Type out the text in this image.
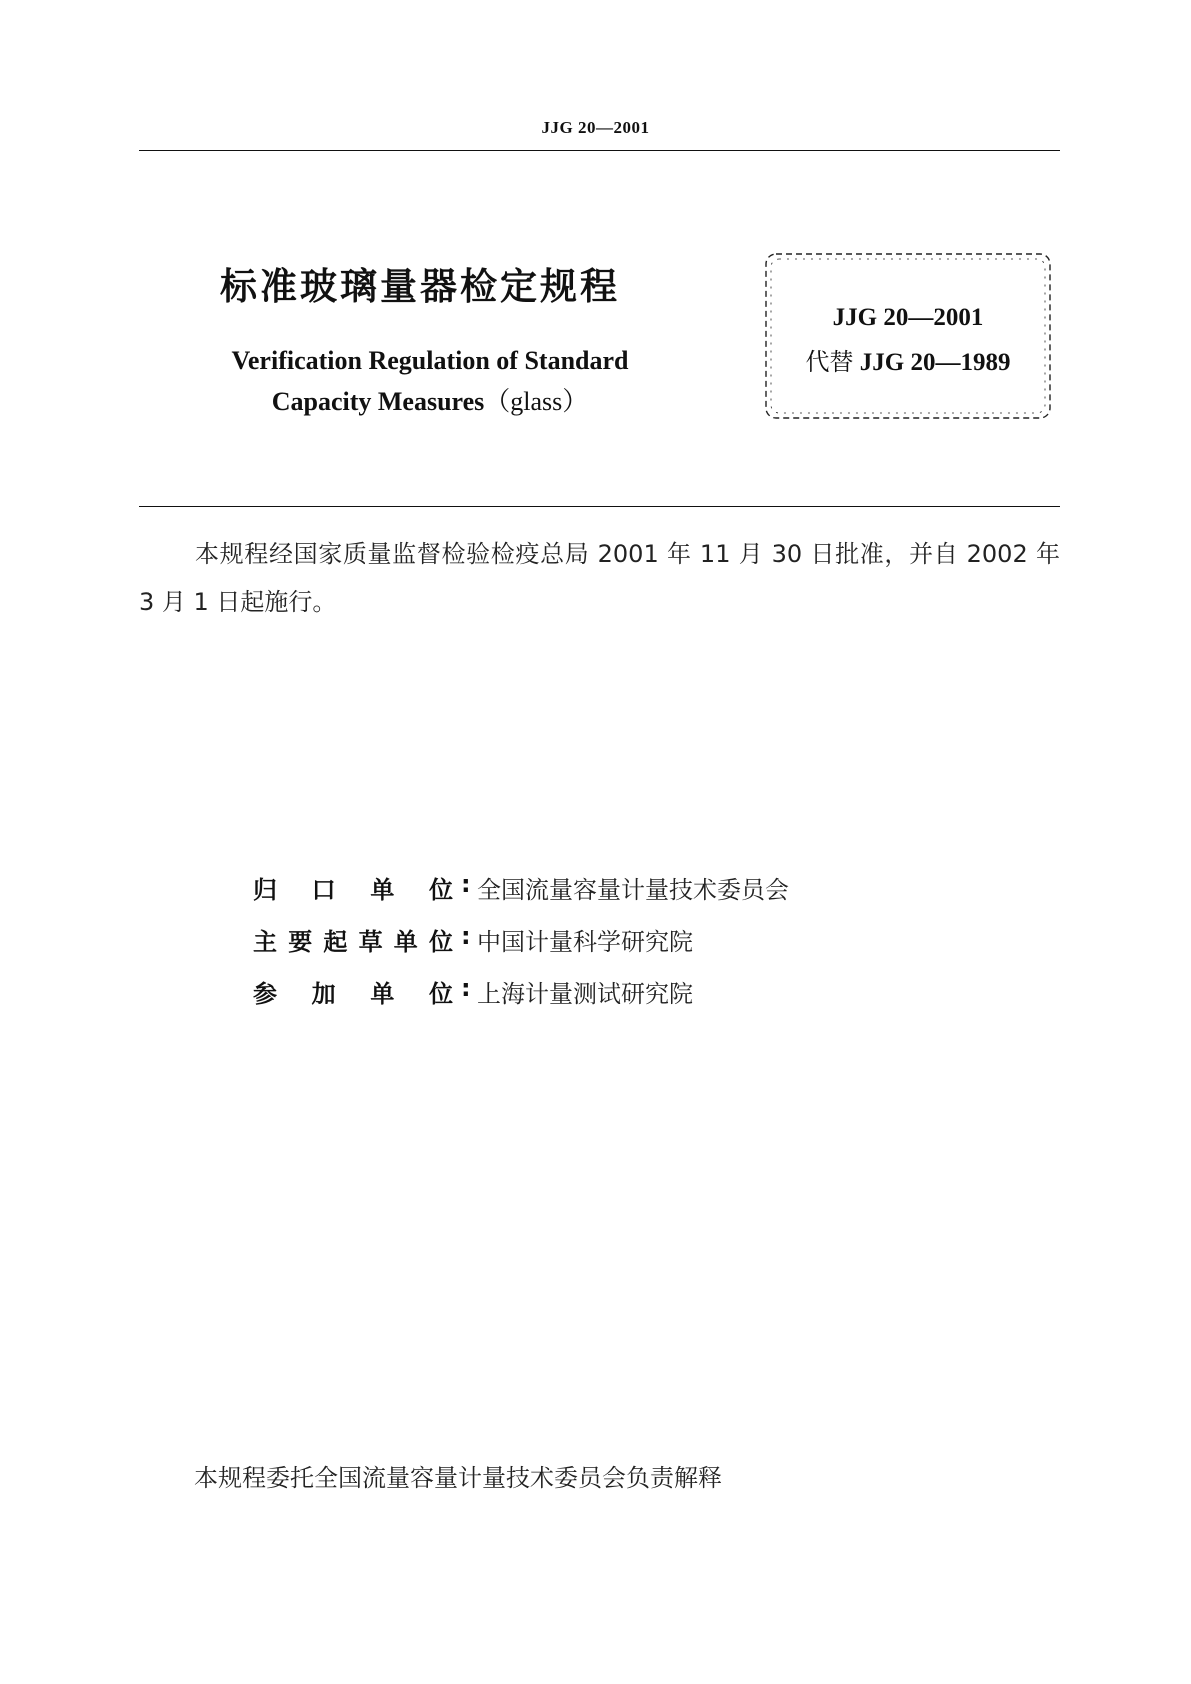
JJG 20—2001
标准玻璃量器检定规程
Verification Regulation of Standard
Capacity Measures（glass）
JJG 20—2001
代替 JJG 20—1989
本规程经国家质量监督检验检疫总局 2001 年 11 月 30 日批准，并自 2002 年 3 月 1 日起施行。
归 口 单 位 : 全国流量容量计量技术委员会
主 要 起 草 单 位 : 中国计量科学研究院
参 加 单 位 : 上海计量测试研究院
本规程委托全国流量容量计量技术委员会负责解释
